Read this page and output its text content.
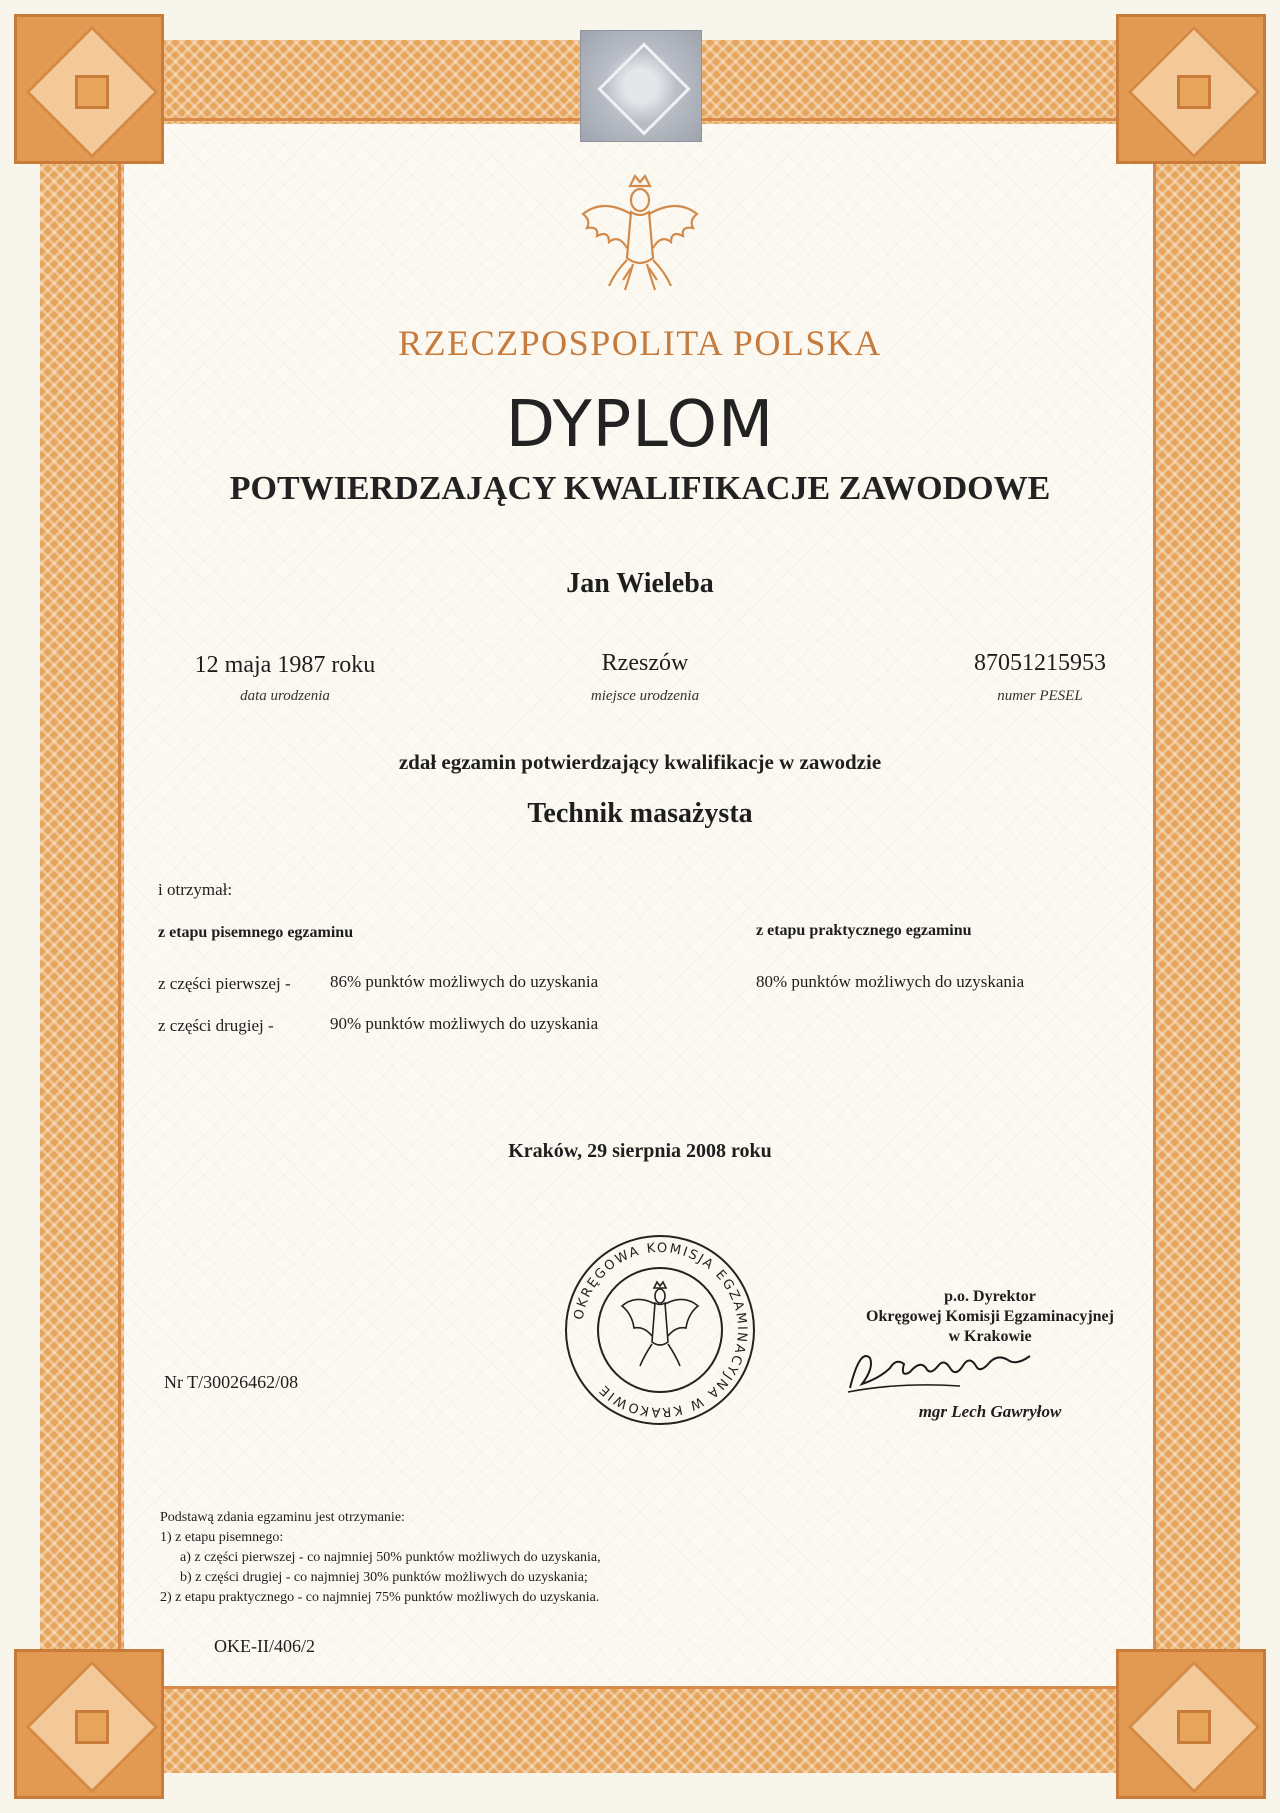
RZECZPOSPOLITA POLSKA
DYPLOM
POTWIERDZAJĄCY KWALIFIKACJE ZAWODOWE
Jan Wieleba
12 maja 1987 roku
data urodzenia
Rzeszów
miejsce urodzenia
87051215953
numer PESEL
zdał egzamin potwierdzający kwalifikacje w zawodzie
Technik masażysta
i otrzymał:
z etapu pisemnego egzaminu	z etapu praktycznego egzaminu
z części pierwszej - 86% punktów możliwych do uzyskania
z części drugiej -	90% punktów możliwych do uzyskania
80% punktów możliwych do uzyskania
Kraków, 29 sierpnia 2008 roku
OKRĘGOWA KOMISJA EGZAMINACYJNA W KRAKOWIE
p.o. Dyrektor
Okręgowej Komisji Egzaminacyjnej
w Krakowie
mgr Lech Gawryłow
Nr T/30026462/08
Podstawą zdania egzaminu jest otrzymanie:
1) z etapu pisemnego:
a) z części pierwszej - co najmniej 50% punktów możliwych do uzyskania,
b) z części drugiej - co najmniej 30% punktów możliwych do uzyskania;
2) z etapu praktycznego - co najmniej 75% punktów możliwych do uzyskania.
OKE-II/406/2
